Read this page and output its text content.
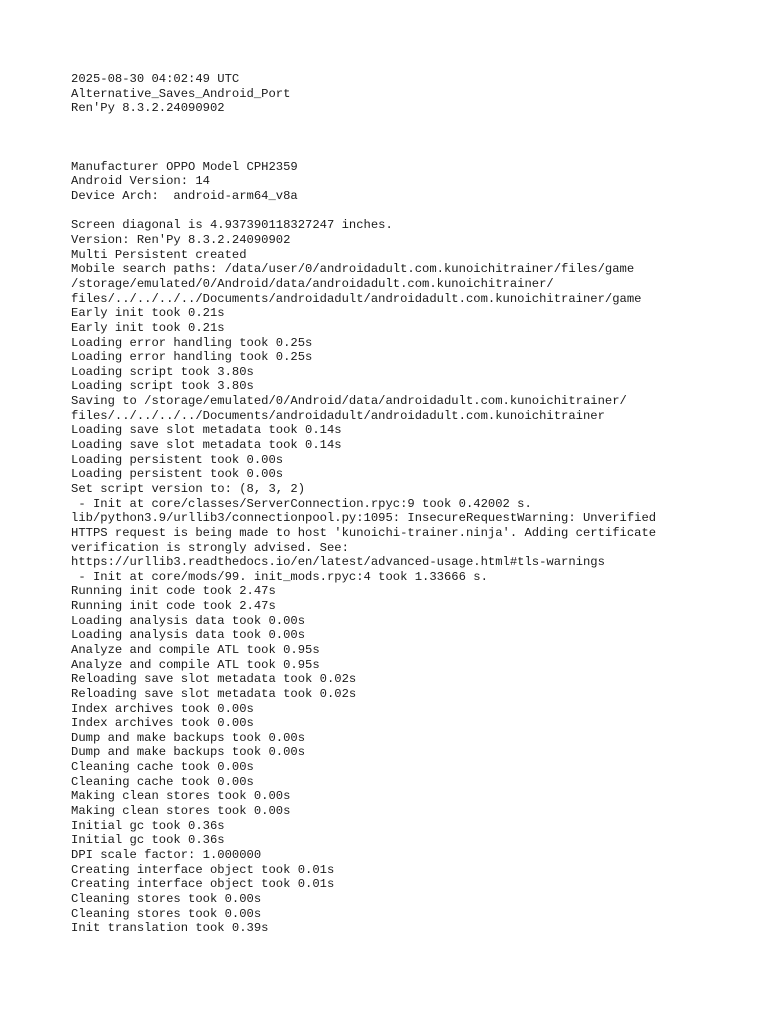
2025-08-30 04:02:49 UTC
Alternative_Saves_Android_Port
Ren'Py 8.3.2.24090902
Manufacturer OPPO Model CPH2359
Android Version: 14
Device Arch:  android-arm64_v8a
Screen diagonal is 4.937390118327247 inches.
Version: Ren'Py 8.3.2.24090902
Multi Persistent created
Mobile search paths: /data/user/0/androidadult.com.kunoichitrainer/files/game
/storage/emulated/0/Android/data/androidadult.com.kunoichitrainer/
files/../../../../Documents/androidadult/androidadult.com.kunoichitrainer/game
Early init took 0.21s
Early init took 0.21s
Loading error handling took 0.25s
Loading error handling took 0.25s
Loading script took 3.80s
Loading script took 3.80s
Saving to /storage/emulated/0/Android/data/androidadult.com.kunoichitrainer/
files/../../../../Documents/androidadult/androidadult.com.kunoichitrainer
Loading save slot metadata took 0.14s
Loading save slot metadata took 0.14s
Loading persistent took 0.00s
Loading persistent took 0.00s
Set script version to: (8, 3, 2)
- Init at core/classes/ServerConnection.rpyc:9 took 0.42002 s.
lib/python3.9/urllib3/connectionpool.py:1095: InsecureRequestWarning: Unverified
HTTPS request is being made to host 'kunoichi-trainer.ninja'. Adding certificate
verification is strongly advised. See:
https://urllib3.readthedocs.io/en/latest/advanced-usage.html#tls-warnings
- Init at core/mods/99. init_mods.rpyc:4 took 1.33666 s.
Running init code took 2.47s
Running init code took 2.47s
Loading analysis data took 0.00s
Loading analysis data took 0.00s
Analyze and compile ATL took 0.95s
Analyze and compile ATL took 0.95s
Reloading save slot metadata took 0.02s
Reloading save slot metadata took 0.02s
Index archives took 0.00s
Index archives took 0.00s
Dump and make backups took 0.00s
Dump and make backups took 0.00s
Cleaning cache took 0.00s
Cleaning cache took 0.00s
Making clean stores took 0.00s
Making clean stores took 0.00s
Initial gc took 0.36s
Initial gc took 0.36s
DPI scale factor: 1.000000
Creating interface object took 0.01s
Creating interface object took 0.01s
Cleaning stores took 0.00s
Cleaning stores took 0.00s
Init translation took 0.39s
